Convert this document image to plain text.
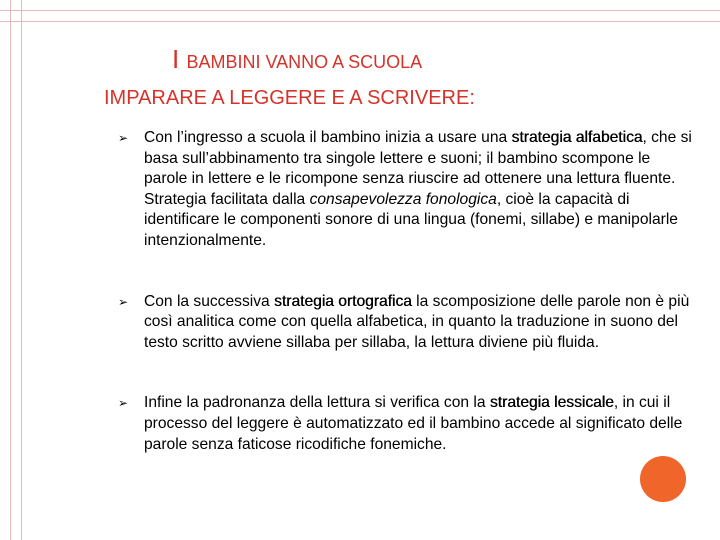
I BAMBINI VANNO A SCUOLA
IMPARARE A LEGGERE E A SCRIVERE:
➢ Con l’ingresso a scuola il bambino inizia a usare una strategia alfabetica, che si basa sull’abbinamento tra singole lettere e suoni; il bambino scompone le parole in lettere e le ricompone senza riuscire ad ottenere una lettura fluente. Strategia facilitata dalla consapevolezza fonologica, cioè la capacità di identificare le componenti sonore di una lingua (fonemi, sillabe) e manipolarle intenzionalmente.
➢ Con la successiva strategia ortografica la scomposizione delle parole non è più così analitica come con quella alfabetica, in quanto la traduzione in suono del testo scritto avviene sillaba per sillaba, la lettura diviene più fluida.
➢ Infine la padronanza della lettura si verifica con la strategia lessicale, in cui il processo del leggere è automatizzato ed il bambino accede al significato delle parole senza faticose ricodifiche fonemiche.
